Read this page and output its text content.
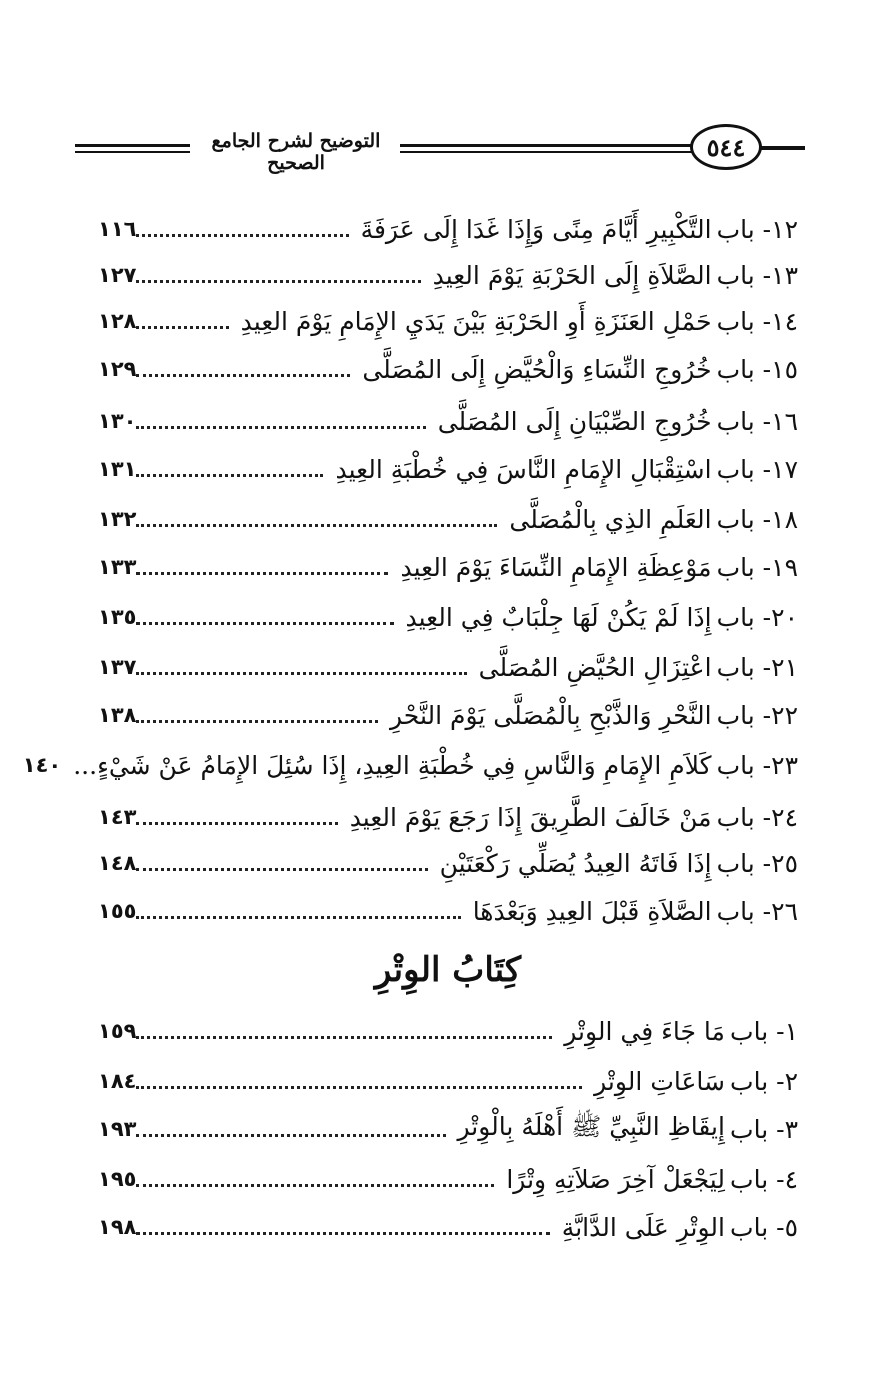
التوضيح لشرح الجامع الصحيح
٥٤٤
١٢- باب

التَّكْبِيرِ أَيَّامَ مِنًى وَإِذَا غَدَا إِلَى عَرَفَةَ
١١٦
١٣- باب

الصَّلاَةِ إِلَى الحَرْبَةِ يَوْمَ العِيدِ
١٢٧
١٤- باب

حَمْلِ العَنَزَةِ أَوِ الحَرْبَةِ بَيْنَ يَدَيِ الإِمَامِ يَوْمَ العِيدِ
١٢٨
١٥- باب

خُرُوجِ النِّسَاءِ وَالْحُيَّضِ إِلَى المُصَلَّى
١٢٩
١٦- باب

خُرُوجِ الصِّبْيَانِ إِلَى المُصَلَّى
١٣٠
١٧- باب

اسْتِقْبَالِ الإِمَامِ النَّاسَ فِي خُطْبَةِ العِيدِ
١٣١
١٨- باب

العَلَمِ الذِي بِالْمُصَلَّى
١٣٢
١٩- باب

مَوْعِظَةِ الإِمَامِ النِّسَاءَ يَوْمَ العِيدِ
١٣٣
٢٠- باب

إِذَا لَمْ يَكُنْ لَهَا جِلْبَابٌ فِي العِيدِ
١٣٥
٢١- باب

اعْتِزَالِ الحُيَّضِ المُصَلَّى
١٣٧
٢٢- باب

النَّحْرِ وَالذَّبْحِ بِالْمُصَلَّى يَوْمَ النَّحْرِ
١٣٨
٢٣- باب

كَلاَمِ الإِمَامِ وَالنَّاسِ فِي خُطْبَةِ العِيدِ، إِذَا سُئِلَ الإِمَامُ عَنْ شَيْءٍ...
١٤٠
٢٤- باب

مَنْ خَالَفَ الطَّرِيقَ إِذَا رَجَعَ يَوْمَ العِيدِ
١٤٣
٢٥- باب

إِذَا فَاتَهُ العِيدُ يُصَلِّي رَكْعَتَيْنِ
١٤٨
٢٦- باب

الصَّلاَةِ قَبْلَ العِيدِ وَبَعْدَهَا
١٥٥
كِتَابُ الوِتْرِ
١- باب

مَا جَاءَ فِي الوِتْرِ
١٥٩
٢- باب

سَاعَاتِ الوِتْرِ
١٨٤
٣- باب

إِيقَاظِ النَّبِيِّ ﷺ أَهْلَهُ بِالْوِتْرِ
١٩٣
٤- باب

لِيَجْعَلْ آخِرَ صَلاَتِهِ وِتْرًا
١٩٥
٥- باب

الوِتْرِ عَلَى الدَّابَّةِ
١٩٨
